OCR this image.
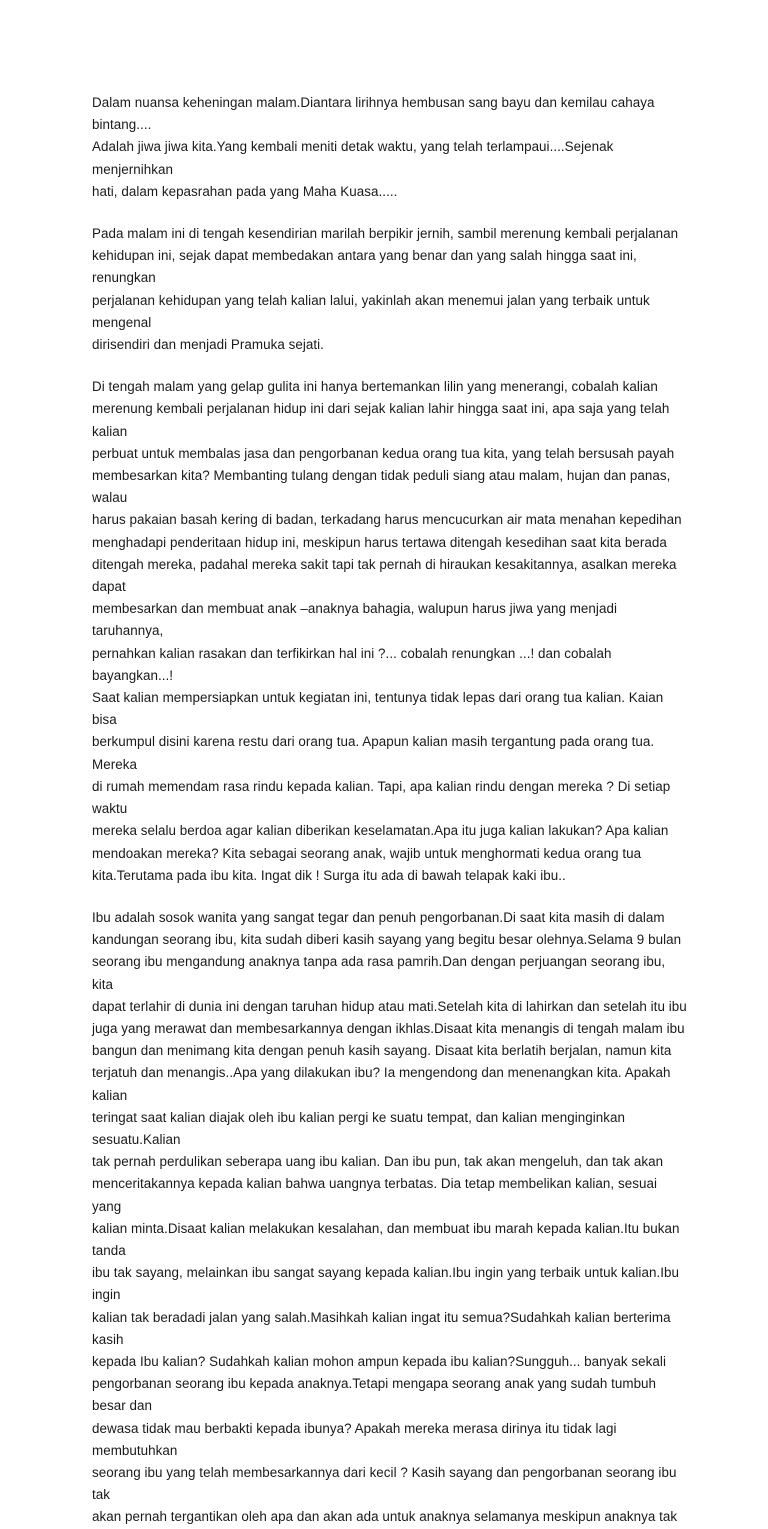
Dalam nuansa keheningan malam.Diantara lirihnya hembusan sang bayu dan kemilau cahaya bintang....
Adalah jiwa jiwa kita.Yang kembali meniti detak waktu, yang telah terlampaui....Sejenak menjernihkan
hati, dalam kepasrahan pada yang Maha Kuasa.....

Pada malam ini di tengah kesendirian marilah berpikir jernih, sambil merenung kembali perjalanan
kehidupan ini, sejak dapat membedakan antara yang benar dan yang salah hingga saat ini, renungkan
perjalanan kehidupan yang telah kalian lalui, yakinlah akan menemui jalan yang terbaik untuk mengenal
dirisendiri dan menjadi Pramuka sejati.

Di tengah malam yang gelap gulita ini hanya bertemankan lilin yang menerangi, cobalah kalian
merenung kembali perjalanan hidup ini dari sejak kalian lahir hingga saat ini, apa saja yang telah kalian
perbuat untuk membalas jasa dan pengorbanan kedua orang tua kita, yang telah bersusah payah
membesarkan kita? Membanting tulang dengan tidak peduli siang atau malam, hujan dan panas, walau
harus pakaian basah kering di badan, terkadang harus mencucurkan air mata menahan kepedihan
menghadapi penderitaan hidup ini, meskipun harus tertawa ditengah kesedihan saat kita berada
ditengah mereka, padahal mereka sakit tapi tak pernah di hiraukan kesakitannya, asalkan mereka dapat
membesarkan dan membuat anak –anaknya bahagia, walupun harus jiwa yang menjadi taruhannya,
pernahkan kalian rasakan dan terfikirkan hal ini ?... cobalah renungkan ...! dan cobalah bayangkan...!
Saat kalian mempersiapkan untuk kegiatan ini, tentunya tidak lepas dari orang tua kalian. Kaian bisa
berkumpul disini karena restu dari orang tua. Apapun kalian masih tergantung pada orang tua. Mereka
di rumah memendam rasa rindu kepada kalian. Tapi, apa kalian rindu dengan mereka ? Di setiap waktu
mereka selalu berdoa agar kalian diberikan keselamatan.Apa itu juga kalian lakukan? Apa kalian
mendoakan mereka? Kita sebagai seorang anak, wajib untuk menghormati kedua orang tua
kita.Terutama pada ibu kita. Ingat dik ! Surga itu ada di bawah telapak kaki ibu..

Ibu adalah sosok wanita yang sangat tegar dan penuh pengorbanan.Di saat kita masih di dalam
kandungan seorang ibu, kita sudah diberi kasih sayang yang begitu besar olehnya.Selama 9 bulan
seorang ibu mengandung anaknya tanpa ada rasa pamrih.Dan dengan perjuangan seorang ibu, kita
dapat terlahir di dunia ini dengan taruhan hidup atau mati.Setelah kita di lahirkan dan setelah itu ibu
juga yang merawat dan membesarkannya dengan ikhlas.Disaat kita menangis di tengah malam ibu
bangun dan menimang kita dengan penuh kasih sayang. Disaat kita berlatih berjalan, namun kita
terjatuh dan menangis..Apa yang dilakukan ibu? Ia mengendong dan menenangkan kita. Apakah kalian
teringat saat kalian diajak oleh ibu kalian pergi ke suatu tempat, dan kalian menginginkan sesuatu.Kalian
tak pernah perdulikan seberapa uang ibu kalian. Dan ibu pun, tak akan mengeluh, dan tak akan
menceritakannya kepada kalian bahwa uangnya terbatas. Dia tetap membelikan kalian, sesuai yang
kalian minta.Disaat kalian melakukan kesalahan, dan membuat ibu marah kepada kalian.Itu bukan tanda
ibu tak sayang, melainkan ibu sangat sayang kepada kalian.Ibu ingin yang terbaik untuk kalian.Ibu ingin
kalian tak beradadi jalan yang salah.Masihkah kalian ingat itu semua?Sudahkah kalian berterima kasih
kepada Ibu kalian? Sudahkah kalian mohon ampun kepada ibu kalian?Sungguh... banyak sekali
pengorbanan seorang ibu kepada anaknya.Tetapi mengapa seorang anak yang sudah tumbuh besar dan
dewasa tidak mau berbakti kepada ibunya? Apakah mereka merasa dirinya itu tidak lagi membutuhkan
seorang ibu yang telah membesarkannya dari kecil ? Kasih sayang dan pengorbanan seorang ibu tak
akan pernah tergantikan oleh apa dan akan ada untuk anaknya selamanya meskipun anaknya tak
